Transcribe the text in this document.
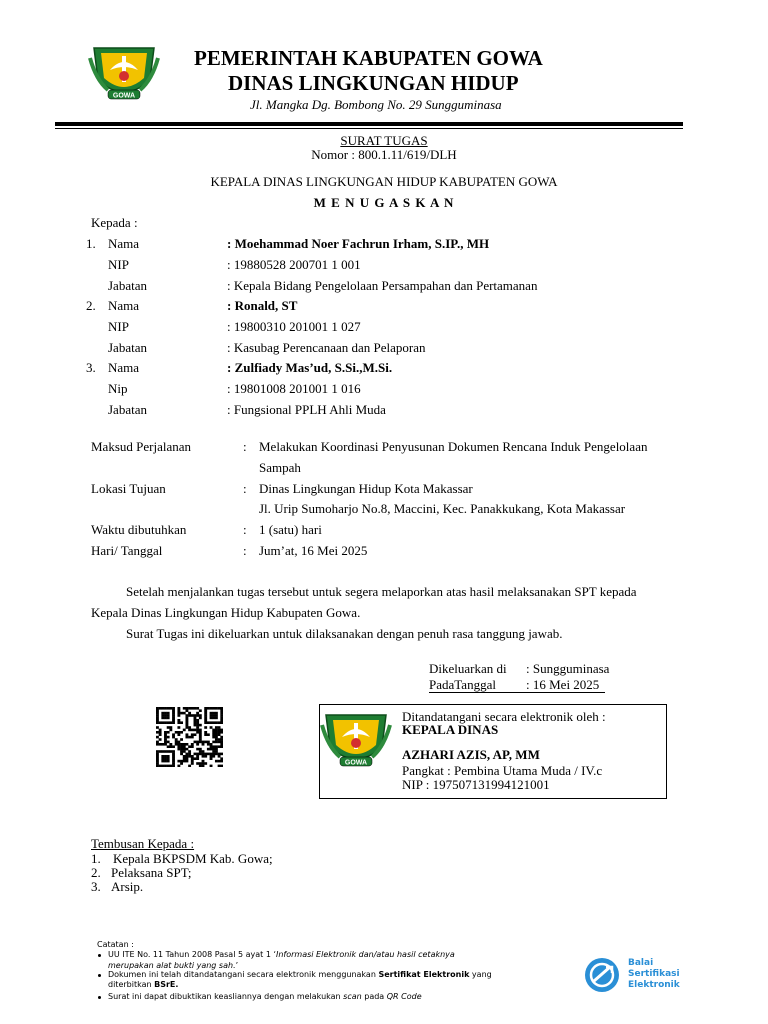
GOWA
PEMERINTAH KABUPATEN GOWA
DINAS LINGKUNGAN HIDUP
Jl. Mangka Dg. Bombong No. 29 Sungguminasa
SURAT TUGAS
Nomor : 800.1.11/619/DLH
KEPALA DINAS LINGKUNGAN HIDUP KABUPATEN GOWA
M E N U G A S K A N
Kepada :
1. Nama	: Moehammad Noer Fachrun Irham, S.IP., MH
NIP	: 19880528 200701 1 001
Jabatan	: Kepala Bidang Pengelolaan Persampahan dan Pertamanan
2. Nama	: Ronald, ST
NIP	: 19800310 201001 1 027
Jabatan	: Kasubag Perencanaan dan Pelaporan
3. Nama	: Zulfiady Mas’ud, S.Si.,M.Si.
Nip	: 19801008 201001 1 016
Jabatan	: Fungsional PPLH Ahli Muda
Maksud Perjalanan	: Melakukan Koordinasi Penyusunan Dokumen Rencana Induk Pengelolaan
Sampah
Lokasi Tujuan	: Dinas Lingkungan Hidup Kota Makassar
Jl. Urip Sumoharjo No.8, Maccini, Kec. Panakkukang, Kota Makassar
Waktu dibutuhkan	: 1 (satu) hari
Hari/ Tanggal	: Jum’at, 16 Mei 2025
Setelah menjalankan tugas tersebut untuk segera melaporkan atas hasil melaksanakan SPT kepada
Kepala Dinas Lingkungan Hidup Kabupaten Gowa.
Surat Tugas ini dikeluarkan untuk dilaksanakan dengan penuh rasa tanggung jawab.
Dikeluarkan di : Sungguminasa
PadaTanggal : 16 Mei 2025
GOWA
Ditandatangani secara elektronik oleh :
KEPALA DINAS
AZHARI AZIS, AP, MM
Pangkat : Pembina Utama Muda / IV.c
NIP : 197507131994121001
Tembusan Kepada :
1. Kepala BKPSDM Kab. Gowa;
2. Pelaksana SPT;
3. Arsip.
Catatan :
UU ITE No. 11 Tahun 2008 Pasal 5 ayat 1 ‘Informasi Elektronik dan/atau hasil cetaknya
merupakan alat bukti yang sah.’
Dokumen ini telah ditandatangani secara elektronik menggunakan Sertifikat Elektronik yang
diterbitkan BSrE.
Surat ini dapat dibuktikan keasliannya dengan melakukan scan pada QR Code
Balai
Sertifikasi
Elektronik
